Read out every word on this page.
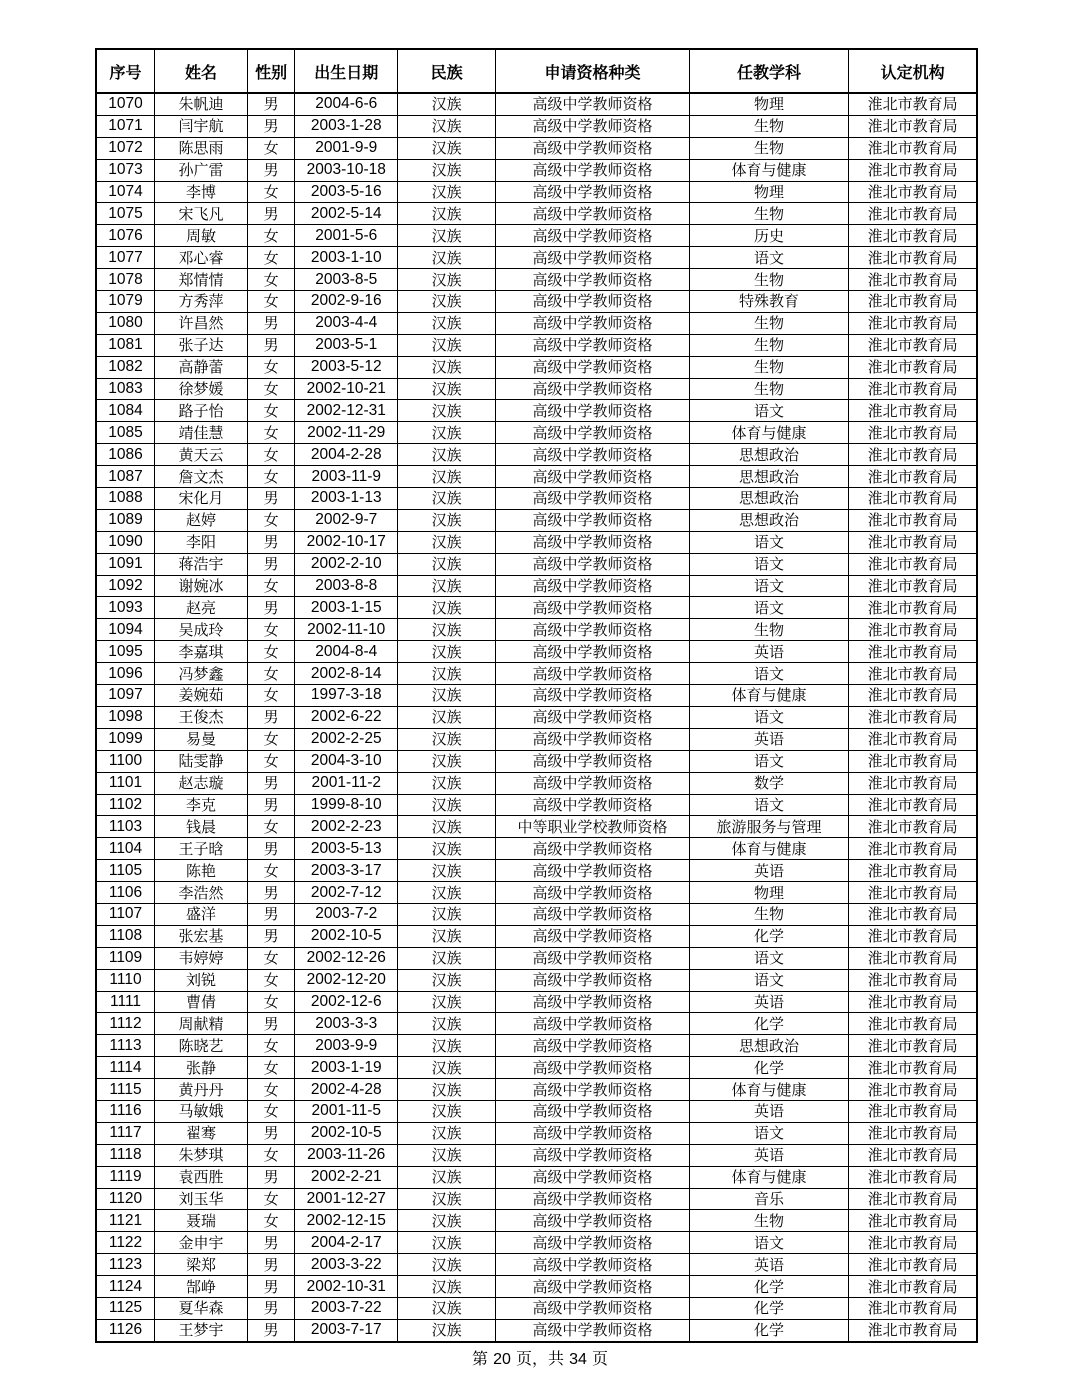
序号	姓名	性别	出生日期	民族	申请资格种类	任教学科	认定机构
1070	朱帆迪	男	2004-6-6	汉族	高级中学教师资格	物理	淮北市教育局
1071	闫宇航	男	2003-1-28	汉族	高级中学教师资格	生物	淮北市教育局
1072	陈思雨	女	2001-9-9	汉族	高级中学教师资格	生物	淮北市教育局
1073	孙广雷	男	2003-10-18	汉族	高级中学教师资格	体育与健康	淮北市教育局
1074	李博	女	2003-5-16	汉族	高级中学教师资格	物理	淮北市教育局
1075	宋飞凡	男	2002-5-14	汉族	高级中学教师资格	生物	淮北市教育局
1076	周敏	女	2001-5-6	汉族	高级中学教师资格	历史	淮北市教育局
1077	邓心睿	女	2003-1-10	汉族	高级中学教师资格	语文	淮北市教育局
1078	郑情情	女	2003-8-5	汉族	高级中学教师资格	生物	淮北市教育局
1079	方秀萍	女	2002-9-16	汉族	高级中学教师资格	特殊教育	淮北市教育局
1080	许昌然	男	2003-4-4	汉族	高级中学教师资格	生物	淮北市教育局
1081	张子达	男	2003-5-1	汉族	高级中学教师资格	生物	淮北市教育局
1082	高静蕾	女	2003-5-12	汉族	高级中学教师资格	生物	淮北市教育局
1083	徐梦媛	女	2002-10-21	汉族	高级中学教师资格	生物	淮北市教育局
1084	路子怡	女	2002-12-31	汉族	高级中学教师资格	语文	淮北市教育局
1085	靖佳慧	女	2002-11-29	汉族	高级中学教师资格	体育与健康	淮北市教育局
1086	黄天云	女	2004-2-28	汉族	高级中学教师资格	思想政治	淮北市教育局
1087	詹文杰	女	2003-11-9	汉族	高级中学教师资格	思想政治	淮北市教育局
1088	宋化月	男	2003-1-13	汉族	高级中学教师资格	思想政治	淮北市教育局
1089	赵婷	女	2002-9-7	汉族	高级中学教师资格	思想政治	淮北市教育局
1090	李阳	男	2002-10-17	汉族	高级中学教师资格	语文	淮北市教育局
1091	蒋浩宇	男	2002-2-10	汉族	高级中学教师资格	语文	淮北市教育局
1092	谢婉冰	女	2003-8-8	汉族	高级中学教师资格	语文	淮北市教育局
1093	赵亮	男	2003-1-15	汉族	高级中学教师资格	语文	淮北市教育局
1094	吴成玲	女	2002-11-10	汉族	高级中学教师资格	生物	淮北市教育局
1095	李嘉琪	女	2004-8-4	汉族	高级中学教师资格	英语	淮北市教育局
1096	冯梦鑫	女	2002-8-14	汉族	高级中学教师资格	语文	淮北市教育局
1097	姜婉茹	女	1997-3-18	汉族	高级中学教师资格	体育与健康	淮北市教育局
1098	王俊杰	男	2002-6-22	汉族	高级中学教师资格	语文	淮北市教育局
1099	易曼	女	2002-2-25	汉族	高级中学教师资格	英语	淮北市教育局
1100	陆雯静	女	2004-3-10	汉族	高级中学教师资格	语文	淮北市教育局
1101	赵志璇	男	2001-11-2	汉族	高级中学教师资格	数学	淮北市教育局
1102	李克	男	1999-8-10	汉族	高级中学教师资格	语文	淮北市教育局
1103	钱晨	女	2002-2-23	汉族	中等职业学校教师资格	旅游服务与管理	淮北市教育局
1104	王子晗	男	2003-5-13	汉族	高级中学教师资格	体育与健康	淮北市教育局
1105	陈艳	女	2003-3-17	汉族	高级中学教师资格	英语	淮北市教育局
1106	李浩然	男	2002-7-12	汉族	高级中学教师资格	物理	淮北市教育局
1107	盛洋	男	2003-7-2	汉族	高级中学教师资格	生物	淮北市教育局
1108	张宏基	男	2002-10-5	汉族	高级中学教师资格	化学	淮北市教育局
1109	韦婷婷	女	2002-12-26	汉族	高级中学教师资格	语文	淮北市教育局
1110	刘锐	女	2002-12-20	汉族	高级中学教师资格	语文	淮北市教育局
1111	曹倩	女	2002-12-6	汉族	高级中学教师资格	英语	淮北市教育局
1112	周献精	男	2003-3-3	汉族	高级中学教师资格	化学	淮北市教育局
1113	陈晓艺	女	2003-9-9	汉族	高级中学教师资格	思想政治	淮北市教育局
1114	张静	女	2003-1-19	汉族	高级中学教师资格	化学	淮北市教育局
1115	黄丹丹	女	2002-4-28	汉族	高级中学教师资格	体育与健康	淮北市教育局
1116	马敏娥	女	2001-11-5	汉族	高级中学教师资格	英语	淮北市教育局
1117	翟骞	男	2002-10-5	汉族	高级中学教师资格	语文	淮北市教育局
1118	朱梦琪	女	2003-11-26	汉族	高级中学教师资格	英语	淮北市教育局
1119	袁西胜	男	2002-2-21	汉族	高级中学教师资格	体育与健康	淮北市教育局
1120	刘玉华	女	2001-12-27	汉族	高级中学教师资格	音乐	淮北市教育局
1121	聂瑞	女	2002-12-15	汉族	高级中学教师资格	生物	淮北市教育局
1122	金申宇	男	2004-2-17	汉族	高级中学教师资格	语文	淮北市教育局
1123	梁郑	男	2003-3-22	汉族	高级中学教师资格	英语	淮北市教育局
1124	郜峥	男	2002-10-31	汉族	高级中学教师资格	化学	淮北市教育局
1125	夏华森	男	2003-7-22	汉族	高级中学教师资格	化学	淮北市教育局
1126	王梦宇	男	2003-7-17	汉族	高级中学教师资格	化学	淮北市教育局
第 20 页，共 34 页
